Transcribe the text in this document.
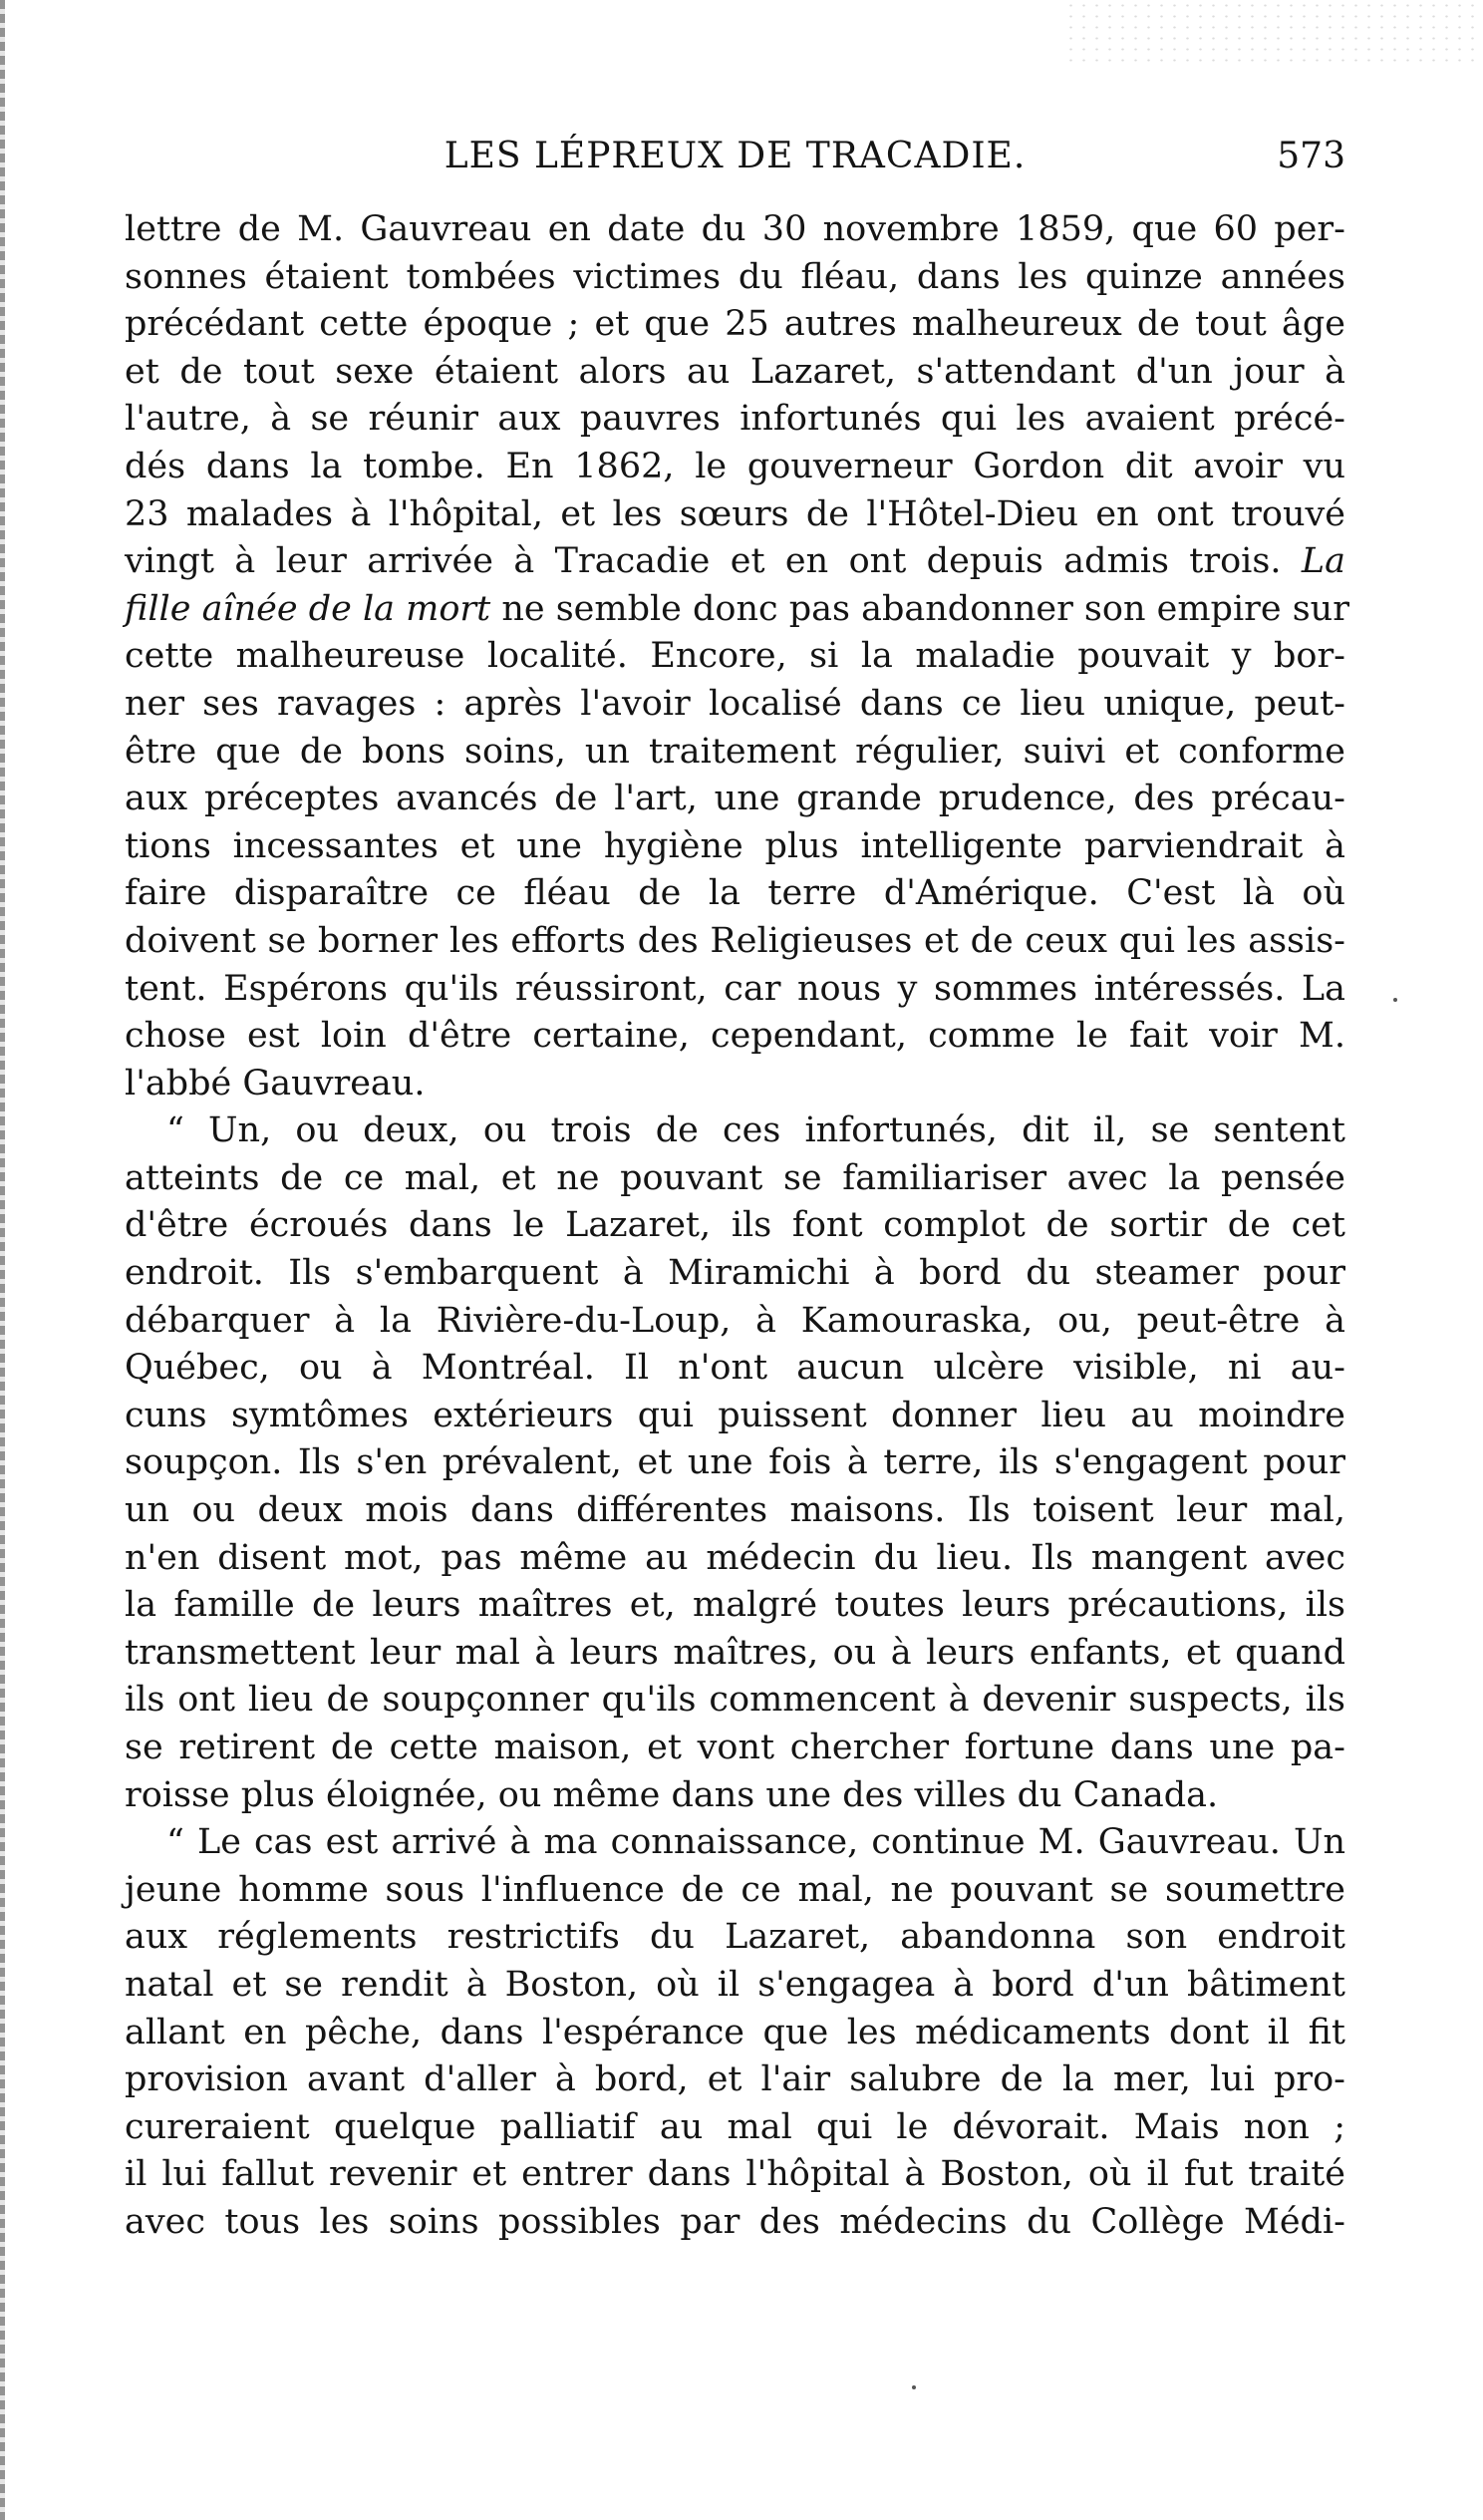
LES LÉPREUX DE TRACADIE.	573
lettre de M. Gauvreau en date du 30 novembre 1859, que 60 per-
sonnes étaient tombées victimes du fléau, dans les quinze années
précédant cette époque ; et que 25 autres malheureux de tout âge
et de tout sexe étaient alors au Lazaret, s'attendant d'un jour à
l'autre, à se réunir aux pauvres infortunés qui les avaient précé-
dés dans la tombe. En 1862, le gouverneur Gordon dit avoir vu
23 malades à l'hôpital, et les sœurs de l'Hôtel-Dieu en ont trouvé
vingt à leur arrivée à Tracadie et en ont depuis admis trois. La
fille aînée de la mort ne semble donc pas abandonner son empire sur
cette malheureuse localité. Encore, si la maladie pouvait y bor-
ner ses ravages : après l'avoir localisé dans ce lieu unique, peut-
être que de bons soins, un traitement régulier, suivi et conforme
aux préceptes avancés de l'art, une grande prudence, des précau-
tions incessantes et une hygiène plus intelligente parviendrait à
faire disparaître ce fléau de la terre d'Amérique. C'est là où
doivent se borner les efforts des Religieuses et de ceux qui les assis-
tent. Espérons qu'ils réussiront, car nous y sommes intéressés. La
chose est loin d'être certaine, cependant, comme le fait voir M.
l'abbé Gauvreau.
“ Un, ou deux, ou trois de ces infortunés, dit il, se sentent
atteints de ce mal, et ne pouvant se familiariser avec la pensée
d'être écroués dans le Lazaret, ils font complot de sortir de cet
endroit. Ils s'embarquent à Miramichi à bord du steamer pour
débarquer à la Rivière-du-Loup, à Kamouraska, ou, peut-être à
Québec, ou à Montréal. Il n'ont aucun ulcère visible, ni au-
cuns symtômes extérieurs qui puissent donner lieu au moindre
soupçon. Ils s'en prévalent, et une fois à terre, ils s'engagent pour
un ou deux mois dans différentes maisons. Ils toisent leur mal,
n'en disent mot, pas même au médecin du lieu. Ils mangent avec
la famille de leurs maîtres et, malgré toutes leurs précautions, ils
transmettent leur mal à leurs maîtres, ou à leurs enfants, et quand
ils ont lieu de soupçonner qu'ils commencent à devenir suspects, ils
se retirent de cette maison, et vont chercher fortune dans une pa-
roisse plus éloignée, ou même dans une des villes du Canada.
“ Le cas est arrivé à ma connaissance, continue M. Gauvreau. Un
jeune homme sous l'influence de ce mal, ne pouvant se soumettre
aux réglements restrictifs du Lazaret, abandonna son endroit
natal et se rendit à Boston, où il s'engagea à bord d'un bâtiment
allant en pêche, dans l'espérance que les médicaments dont il fit
provision avant d'aller à bord, et l'air salubre de la mer, lui pro-
cureraient quelque palliatif au mal qui le dévorait. Mais non ;
il lui fallut revenir et entrer dans l'hôpital à Boston, où il fut traité
avec tous les soins possibles par des médecins du Collège Médi-
